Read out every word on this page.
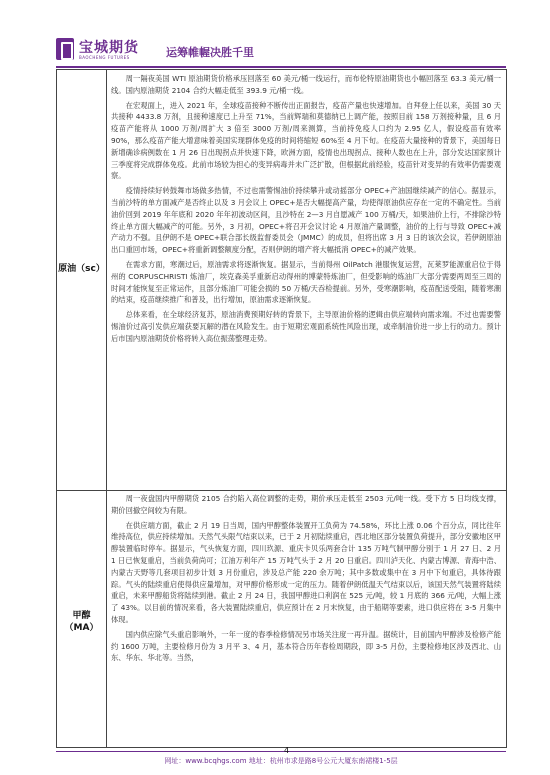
宝城期货
BAOCHENG FUTURES	运筹帷幄决胜千里
原油（sc）

周一隔夜美国 WTI 原油期货价格承压回落至 60 美元/桶一线运行，而布伦特原油期货也小幅回落至 63.3 美元/桶一线。国内原油期货 2104 合约大幅走低至 393.9 元/桶一线。

在宏观面上，进入 2021 年，全球疫苗接种不断传出正面报告，疫苗产量也快速增加。自拜登上任以来，美国 30 天共接种 4433.8 万剂，且接种速度已上升至 71%，当前辉瑞和莫德纳已上调产能，按照目前 158 万剂接种量，且 6 月疫苗产能将从 1000 万剂/周扩大 3 倍至 3000 万剂/周来测算，当前持免疫人口约为 2.95 亿人，假设疫苗有效率 90%，那么疫苗产能大增意味着美国实现群体免疫的时间将缩短 60%至 4 月下旬。在疫苗大量接种的背景下，美国每日新增确诊病例数在 1 月 26 日出现拐点并快速下降，欧洲方面，疫情也出现拐点、接种人数也在上升，部分发达国家预计三季度将完成群体免疫。此前市场较为担心的变异病毒并未广泛扩散，但根据此前经验，疫苗针对变异的有效率仍需要观察。

疫情持续好转鼓舞市场做多热情，不过也需警惕油价持续攀升或动摇部分 OPEC+产油国继续减产的信心。据显示，当前沙特的单方面减产是否终止以及 3 月会议上 OPEC+是否大幅提高产量，均使得原油供应存在一定的不确定性。当前油价回到 2019 年年底和 2020 年年初波动区间，且沙特在 2—3 月自愿减产 100 万桶/天，如果油价上行，不排除沙特终止单方面大幅减产的可能。另外，3 月初，OPEC+将召开会议讨论 4 月原油产量调整，油价的上行与导致 OPEC+减产动力不强。且伊朗不是 OPEC+联合部长级监督委员会（JMMC）的成员，但将出席 3 月 3 日的该次会议，若伊朗原油出口重回市场，OPEC+将重新调整额度分配，否则伊朗的增产将大幅抵消 OPEC+的减产效果。

在需求方面，寒潮过后，原油需求将逐渐恢复。据显示，当前得州 OilPatch 港服恢复运营，瓦莱罗能源重启位于得州的 CORPUSCHRISTI 炼油厂，埃克森美孚重新启动得州的博蒙特炼油厂，但受影响的炼油厂大部分需要两周至三周的时间才能恢复至正常运作，且部分炼油厂可能会损的 50 万桶/天吞检提前。另外，受寒潮影响，疫苗配送受阻，随着寒潮的结束，疫苗继续推广和普及，出行增加，原油需求逐渐恢复。

总体来看，在全球经济复苏，原油消费预期好转的背景下，主导原油价格的逻辑由供应端转向需求端。不过也需要警惕油价过高引发供应端获要瓦解的潜在风险发生。由于短期宏观面系统性风险出现，或牵制油价进一步上行的动力。预计后市国内原油期货价格将转入高位振荡整理走势。

甲醇
（MA）

周一夜盘国内甲醇期货 2105 合约陷入高位调整的走势，期价承压走低至 2503 元/吨一线。受下方 5 日均线支撑，期价回撤空间较为有限。

在供应端方面，截止 2 月 19 日当周，国内甲醇整体装置开工负荷为 74.58%，环比上涨 0.06 个百分点，同比往年维持高位，供应持续增加。天然气头限气结束以来，已于 2 月初陆续重启，西北地区部分装置负荷提升，部分安徽地区甲醇装置临时停车。据显示，气头恢复方面，四川玖源、重庆卡贝乐两套合计 135 万吨气制甲醇分别于 1 月 27 日、2 月 1 日已恢复重启，当前负荷尚可；江油万利年产 15 万吨气头于 2 月 20 日重启。四川泸天化、内蒙古博源、青海中浩、内蒙古天野等几套项目初步计划 3 月份重启，涉及总产能 220 余万吨；其中多数或集中在 3 月中下旬重启，具体待跟踪。气头的陆续重启使得供应量增加，对甲醇价格形成一定的压力。随着伊朗低温天气结束以后，该国天然气装置将陆续重启，未来甲醇船货将陆续到港。截止 2 月 24 日，我国甲醇进口利润在 525 元/吨，较 1 月底的 366 元/吨，大幅上涨了 43%。以目前的情况来看，各大装置陆续重启，供应预计在 2 月末恢复，由于船期等要素，进口供应将在 3-5 月集中体现。

国内供应除气头重启影响外，一年一度的春季检修情况另市场关注度一再升温。据统计，目前国内甲醇涉及检修产能约 1600 万吨，主要检修月份为 3 月平 3、4 月，基本符合历年春检周期段，即 3-5 月份，主要检修地区涉及西北、山东、华东、华北等。当然，

4
网址：www.bcqhgs.com 地址：杭州市求是路8号公元大厦东南裙楼1-5层
